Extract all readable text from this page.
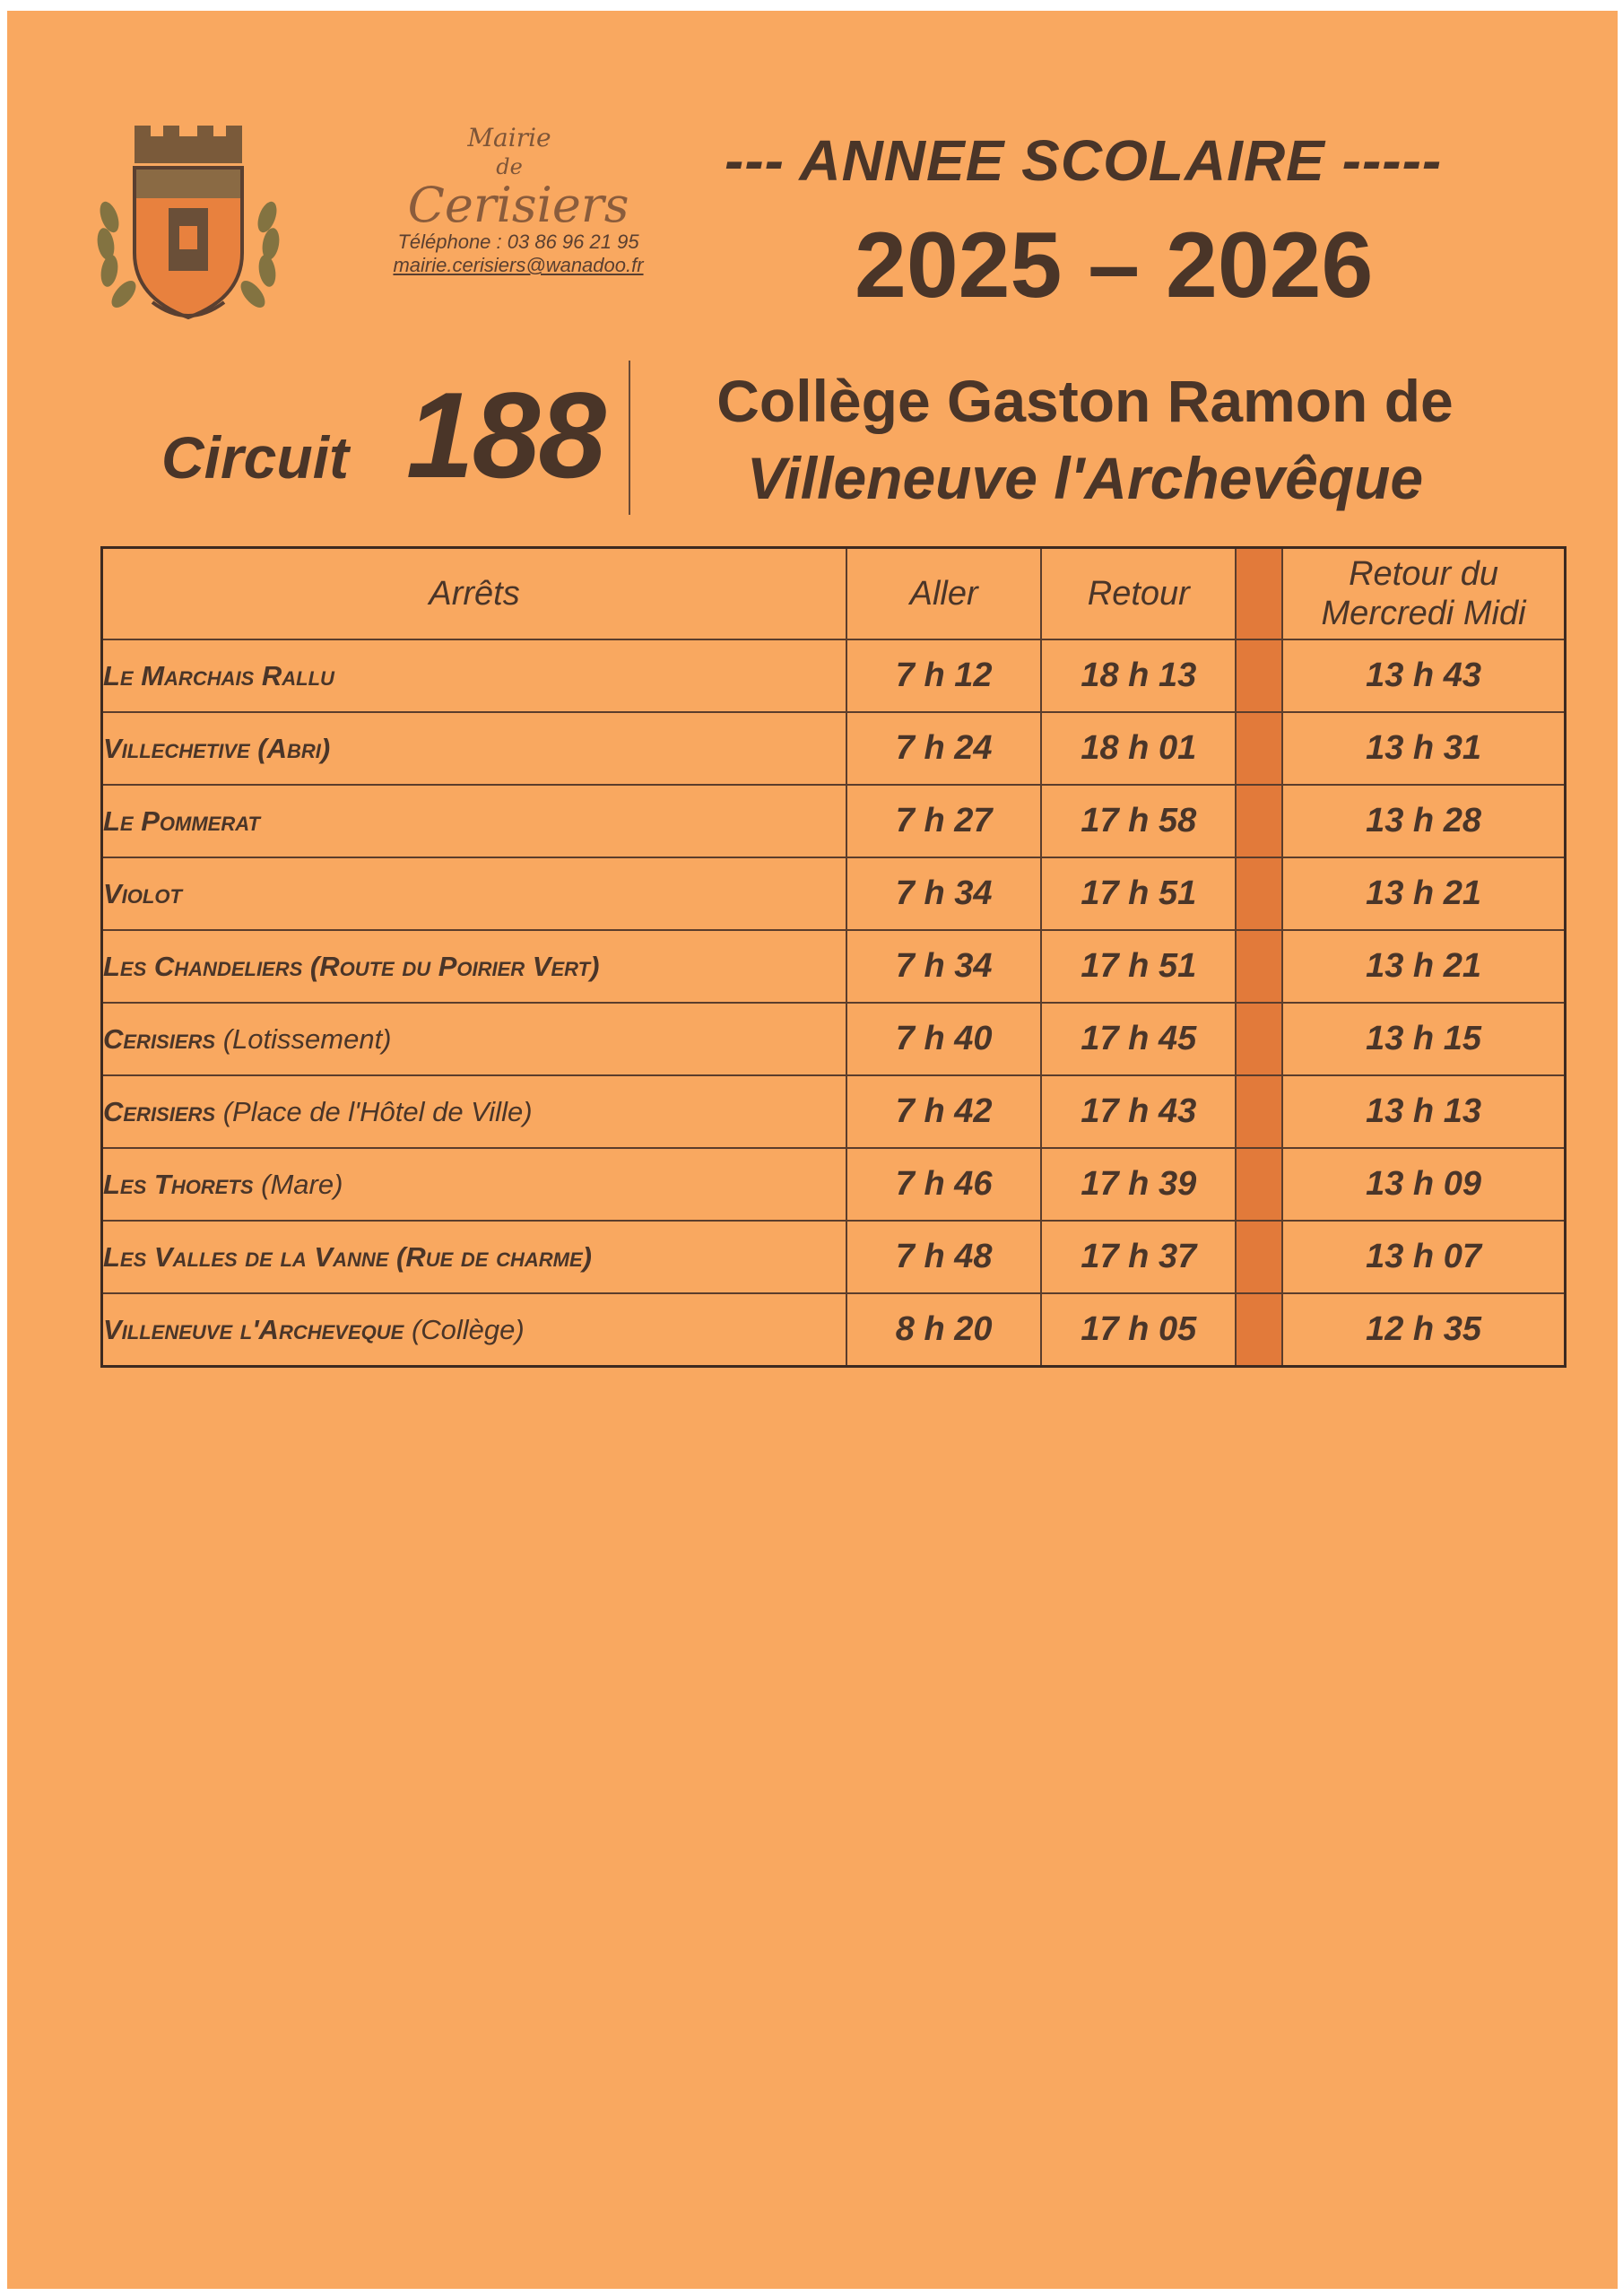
Mairie
de
Cerisiers
Téléphone : 03 86 96 21 95
mairie.cerisiers@wanadoo.fr
--- ANNEE SCOLAIRE -----
2025 – 2026
Circuit 188	Collège Gaston Ramon de
Villeneuve l'Archevêque
Arrêts	Aller	Retour		Retour du
Mercredi Midi

Le Marchais Rallu	7 h 12	18 h 13		13 h 43
Villechetive (Abri)	7 h 24	18 h 01		13 h 31
Le Pommerat	7 h 27	17 h 58		13 h 28
Violot	7 h 34	17 h 51		13 h 21
Les Chandeliers (Route du Poirier Vert)	7 h 34	17 h 51		13 h 21
Cerisiers (Lotissement)	7 h 40	17 h 45		13 h 15
Cerisiers (Place de l'Hôtel de Ville)	7 h 42	17 h 43		13 h 13
Les Thorets (Mare)	7 h 46	17 h 39		13 h 09
Les Valles de la Vanne (Rue de charme)	7 h 48	17 h 37		13 h 07
Villeneuve l'Archeveque (Collège)	8 h 20	17 h 05		12 h 35
